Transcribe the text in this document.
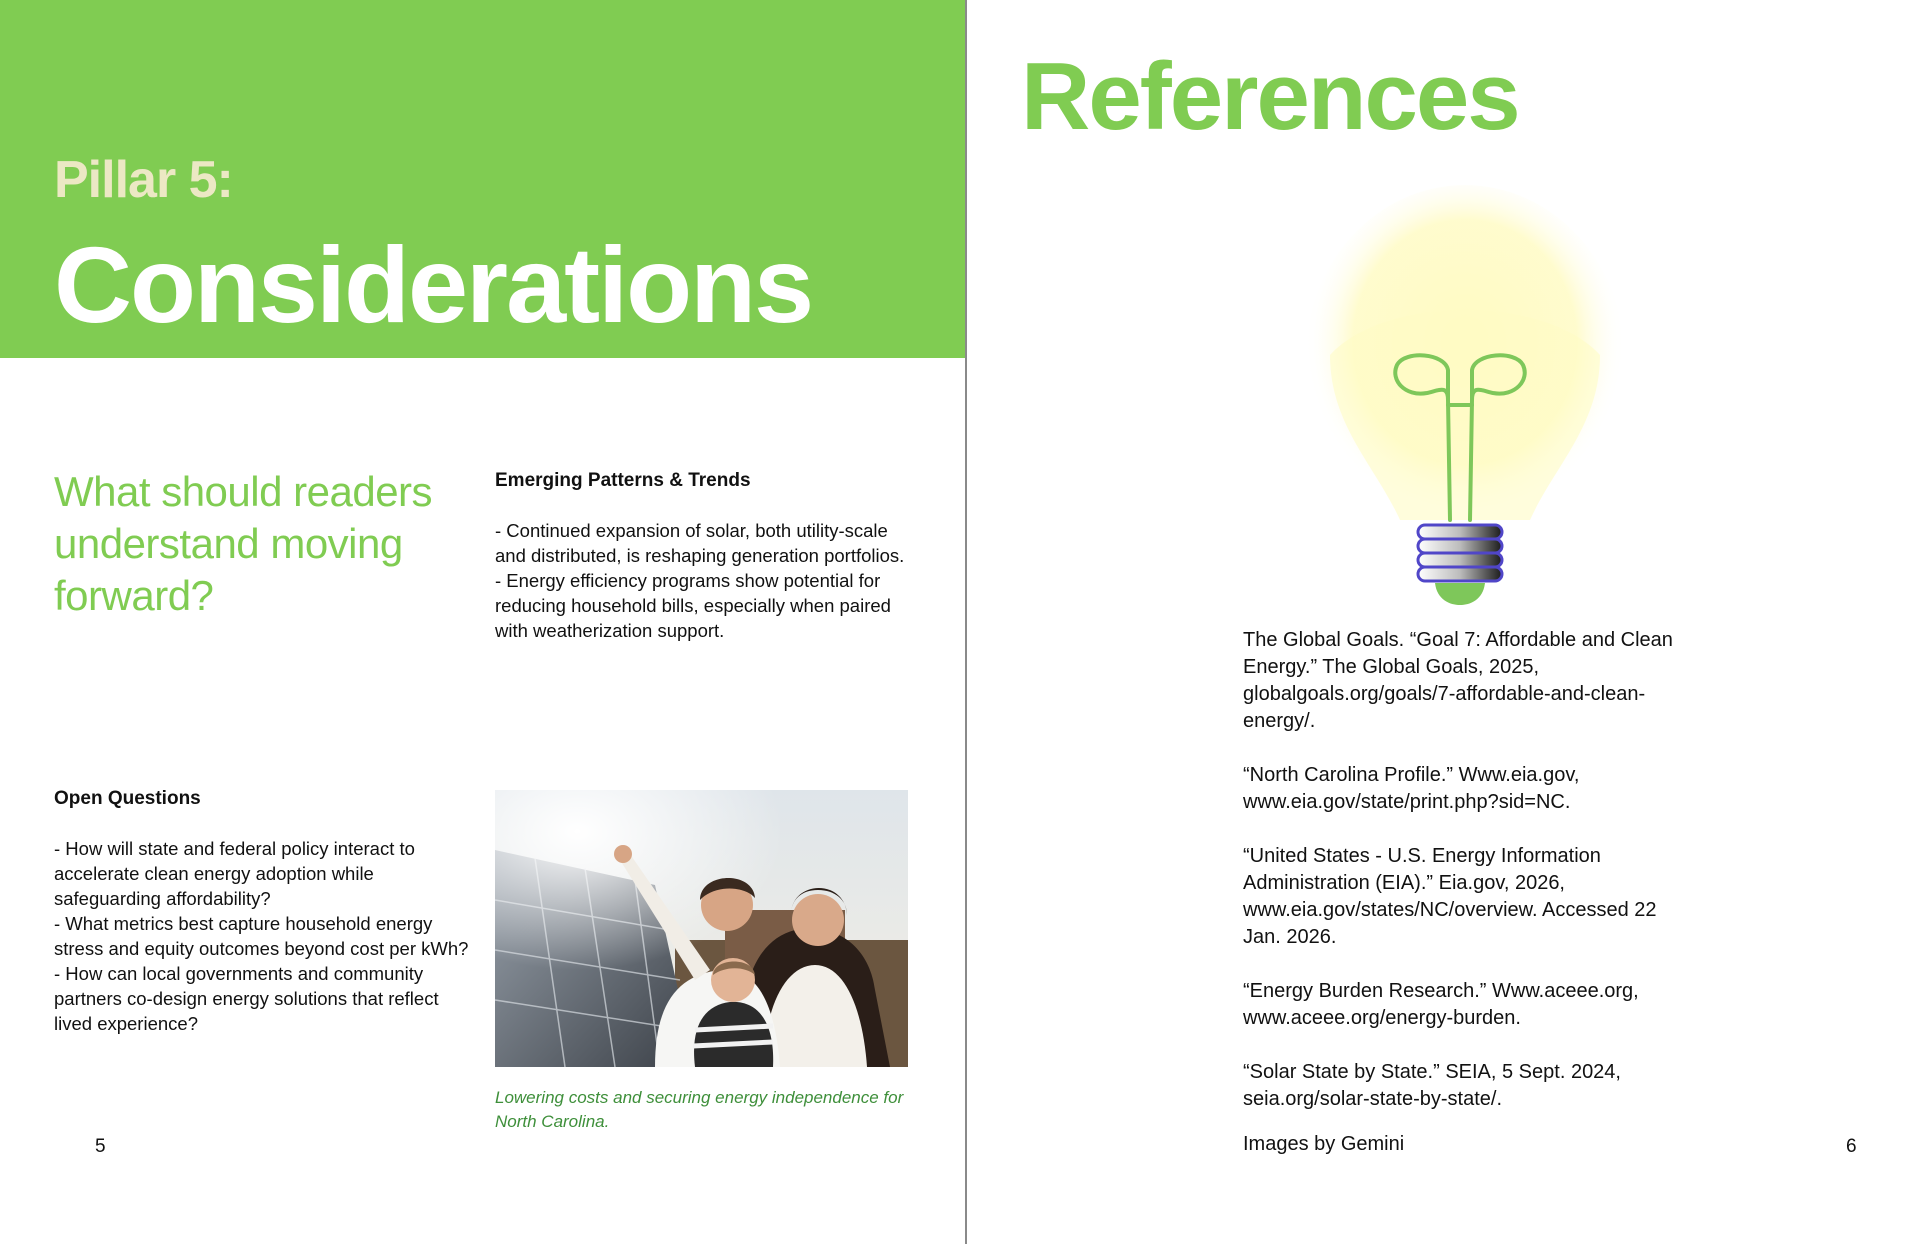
Pillar 5:
Considerations
What should readers understand moving forward?
Emerging Patterns & Trends
- Continued expansion of solar, both utility-scale and distributed, is reshaping generation portfolios.
- Energy efficiency programs show potential for reducing household bills, especially when paired with weatherization support.
Open Questions
- How will state and federal policy interact to accelerate clean energy adoption while safeguarding affordability?
- What metrics best capture household energy stress and equity outcomes beyond cost per kWh?
- How can local governments and community partners co-design energy solutions that reflect lived experience?
Lowering costs and securing energy independence for North Carolina.
5
References

The Global Goals. “Goal 7: Affordable and Clean Energy.” The Global Goals, 2025, globalgoals.org/goals/7-affordable-and-clean-energy/.

“North Carolina Profile.” Www.eia.gov, www.eia.gov/state/print.php?sid=NC.

“United States - U.S. Energy Information Administration (EIA).” Eia.gov, 2026, www.eia.gov/states/NC/overview. Accessed 22 Jan. 2026.

“Energy Burden Research.” Www.aceee.org, www.aceee.org/energy-burden.

“Solar State by State.” SEIA, 5 Sept. 2024, seia.org/solar-state-by-state/.

Images by Gemini	6
